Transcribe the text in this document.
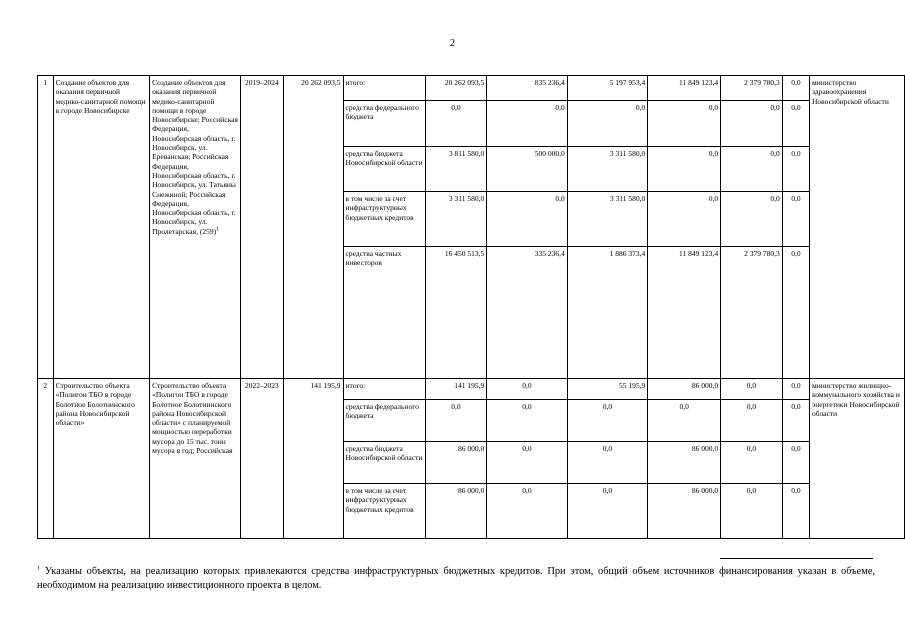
2
1	Создание объектов для оказания первичной медико-санитарной помощи в городе Новосибирске	Создание объектов для оказания первичной медико-санитарной помощи в городе Новосибирске; Российская Федерация, Новосибирская область, г. Новосибирск, ул. Ереванская; Российская Федерация, Новосибирская область, г. Новосибирск, ул. Татьяны Снежиной; Российская Федерация, Новосибирская область, г. Новосибирск, ул. Пролетарская, $(259)^1$	2019–2024	20 262 093,5	итого:	20 262 093,5	835 236,4	5 197 953,4	11 849 123,4	2 379 780,3	0,0	министерство здравоохранения Новосибирской области
					средства федерального бюджета	0,0	0,0	0,0	0,0	0,0	0,0	
					средства бюджета Новосибирской области	3 811 580,0	500 000,0	3 311 580,0	0,0	0,0	0,0	
					в том числе за счет инфраструктурных бюджетных кредитов	3 311 580,0	0,0	3 311 580,0	0,0	0,0	0,0	
					средства частных инвесторов	16 450 513,5	335 236,4	1 886 373,4	11 849 123,4	2 379 780,3	0,0	
2	Строительство объекта «Полигон ТБО в городе Болотное Болотнинского района Новосибирской области»	Строительство объекта «Полигон ТБО в городе Болотное Болотнинского района Новосибирской области» с планируемой мощностью переработки мусора до 15 тыс. тонн мусора в год; Российская	2022–2023	141 195,9	итого:	141 195,9	0,0	55 195,9	86 000,0	0,0	0,0	министерство жилищно-коммунального хозяйства и энергетики Новосибирской области
					средства федерального бюджета	0,0	0,0	0,0	0,0	0,0	0,0	
					средства бюджета Новосибирской области	86 000,0	0,0	0,0	86 000,0	0,0	0,0	
					в том числе за счет инфраструктурных бюджетных кредитов	86 000,0	0,0	0,0	86 000,0	0,0	0,0	
$^1$ Указаны объекты, на реализацию которых привлекаются средства инфраструктурных бюджетных кредитов. При этом, общий объем источников финансирования указан в объеме, необходимом на реализацию инвестиционного проекта в целом.
